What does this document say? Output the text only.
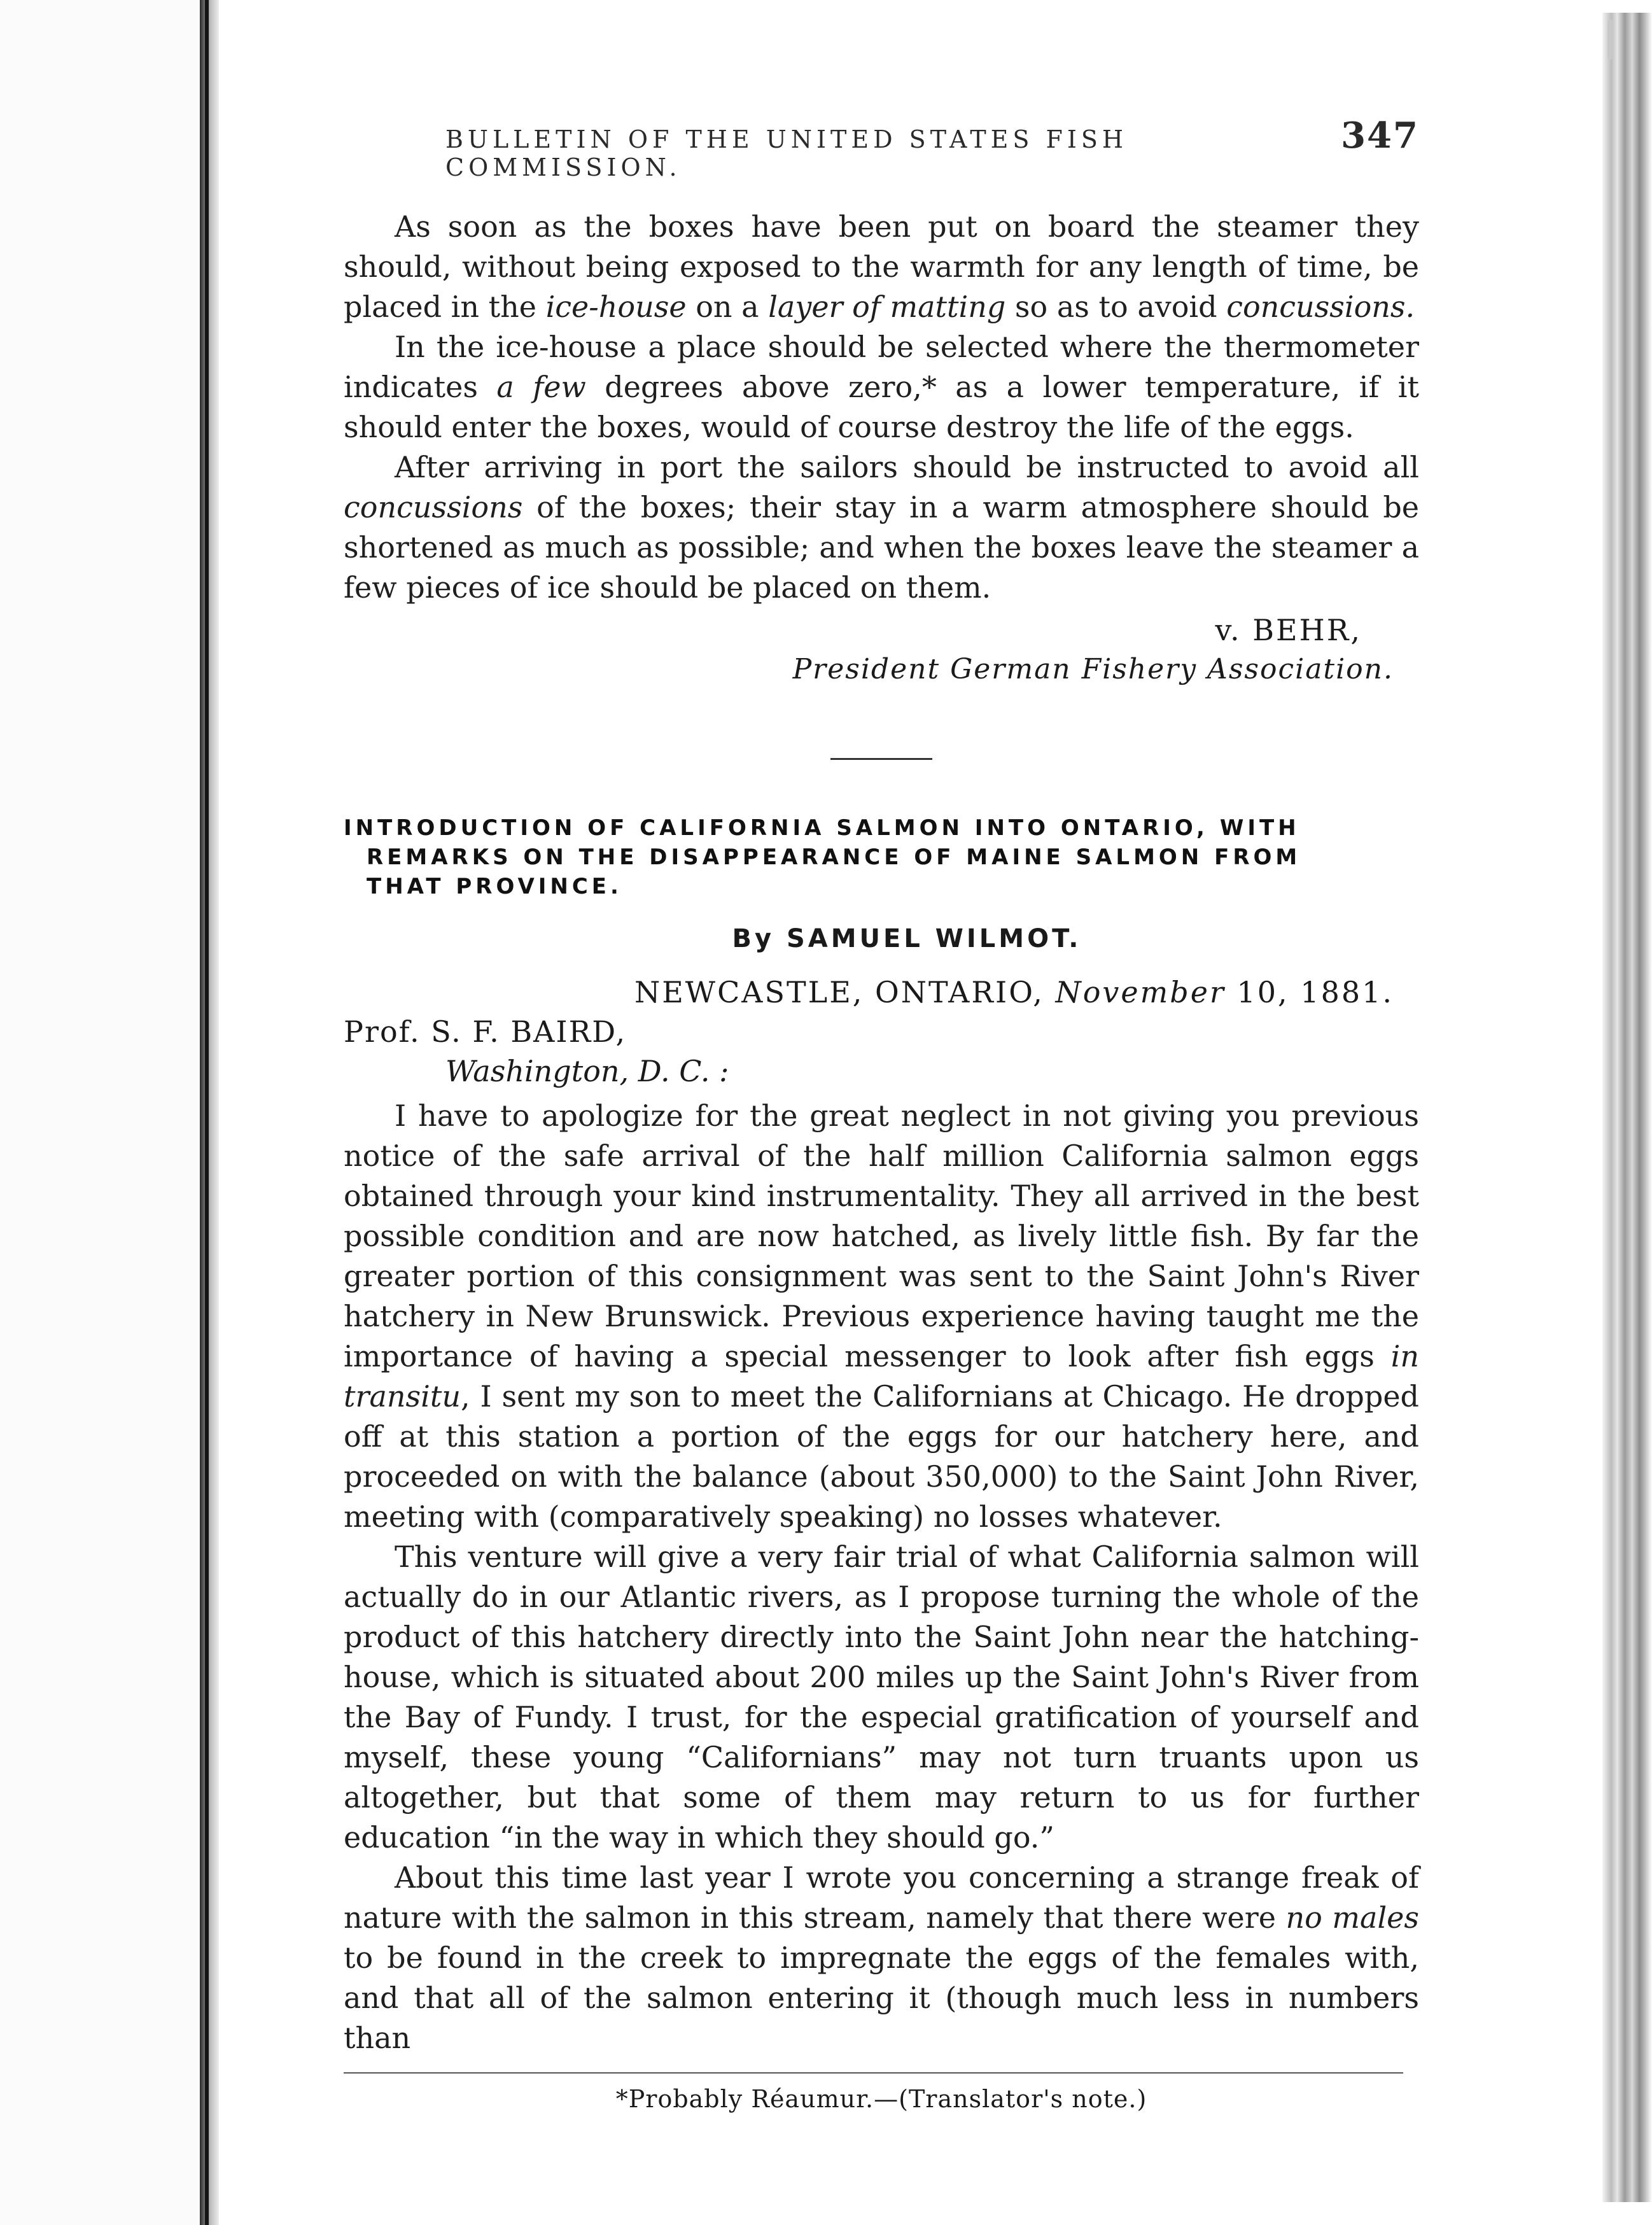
BULLETIN OF THE UNITED STATES FISH COMMISSION.
347

As soon as the boxes have been put on board the steamer they should, without being exposed to the warmth for any length of time, be placed in the ice-house on a layer of matting so as to avoid concussions.

In the ice-house a place should be selected where the thermometer indicates a few degrees above zero,* as a lower temperature, if it should enter the boxes, would of course destroy the life of the eggs.

After arriving in port the sailors should be instructed to avoid all concussions of the boxes; their stay in a warm atmosphere should be shortened as much as possible; and when the boxes leave the steamer a few pieces of ice should be placed on them.

v. BEHR,
President German Fishery Association.
INTRODUCTION OF CALIFORNIA SALMON INTO ONTARIO, WITH
REMARKS ON THE DISAPPEARANCE OF MAINE SALMON FROM
THAT PROVINCE.
By SAMUEL WILMOT.
NEWCASTLE, ONTARIO, November 10, 1881.
Prof. S. F. BAIRD,
Washington, D. C. :

I have to apologize for the great neglect in not giving you previous notice of the safe arrival of the half million California salmon eggs obtained through your kind instrumentality. They all arrived in the best possible condition and are now hatched, as lively little fish. By far the greater portion of this consignment was sent to the Saint John's River hatchery in New Brunswick. Previous experience having taught me the importance of having a special messenger to look after fish eggs in transitu, I sent my son to meet the Californians at Chicago. He dropped off at this station a portion of the eggs for our hatchery here, and proceeded on with the balance (about 350,000) to the Saint John River, meeting with (comparatively speaking) no losses whatever.

This venture will give a very fair trial of what California salmon will actually do in our Atlantic rivers, as I propose turning the whole of the product of this hatchery directly into the Saint John near the hatching-house, which is situated about 200 miles up the Saint John's River from the Bay of Fundy. I trust, for the especial gratification of yourself and myself, these young “Californians” may not turn truants upon us altogether, but that some of them may return to us for further education “in the way in which they should go.”

About this time last year I wrote you concerning a strange freak of nature with the salmon in this stream, namely that there were no males to be found in the creek to impregnate the eggs of the females with, and that all of the salmon entering it (though much less in numbers than

*Probably Réaumur.—(Translator's note.)
